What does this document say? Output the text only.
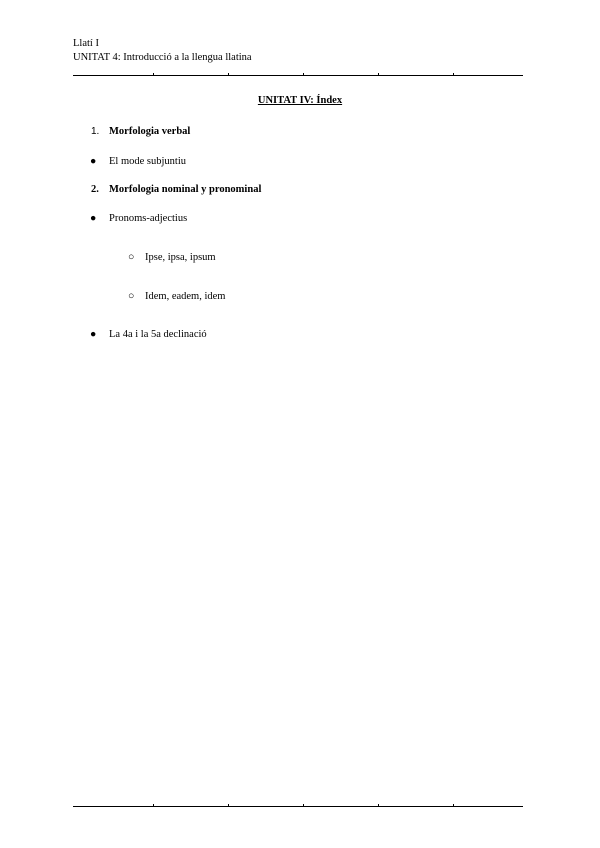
Llatí I
UNITAT 4: Introducció a la llengua llatina
UNITAT IV: Índex
1. Morfologia verbal
● El mode subjuntiu
2. Morfologia nominal y pronominal
● Pronoms-adjectius
○ Ipse, ipsa, ipsum
○ Idem, eadem, idem
● La 4a i la 5a declinació
